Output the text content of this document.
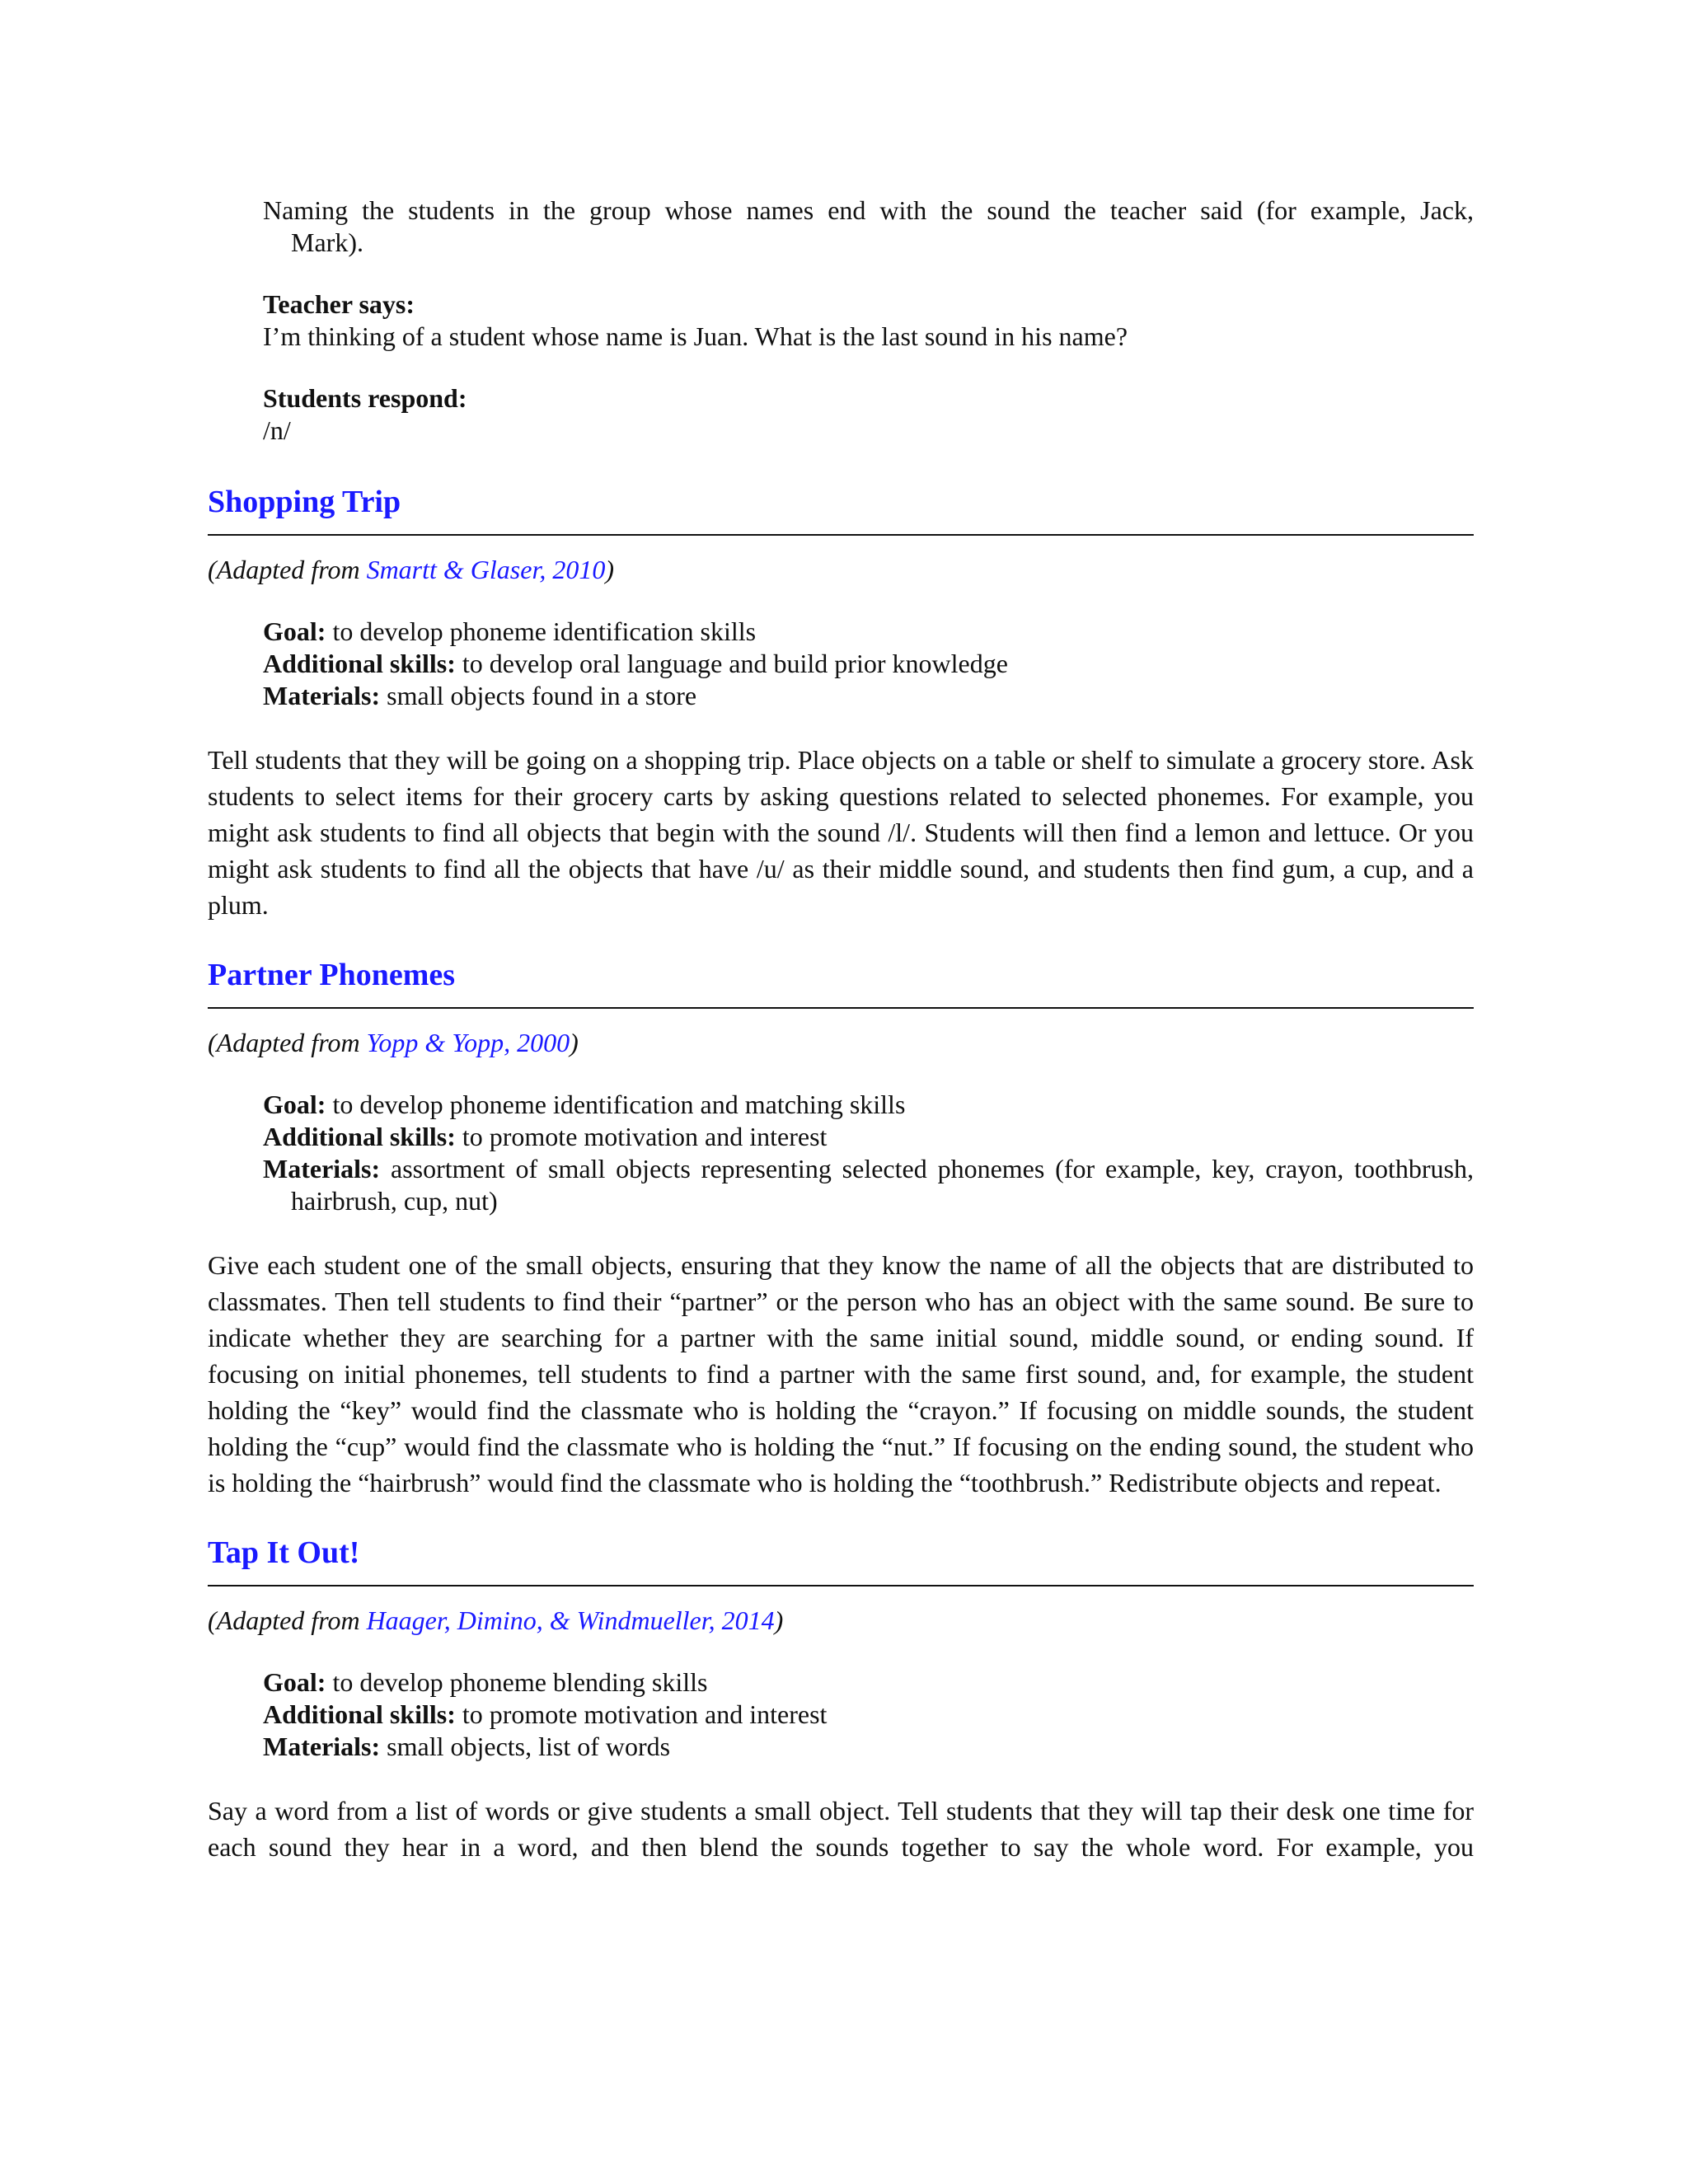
Naming the students in the group whose names end with the sound the teacher said (for example, Jack,

Mark).

Teacher says:

I’m thinking of a student whose name is Juan. What is the last sound in his name?

Students respond:

/n/

Shopping Trip

(Adapted from Smartt & Glaser, 2010)

Goal: to develop phoneme identification skills

Additional skills: to develop oral language and build prior knowledge

Materials: small objects found in a store

Tell students that they will be going on a shopping trip. Place objects on a table or shelf to simulate a grocery store. Ask students to select items for their grocery carts by asking questions related to selected phonemes. For example, you might ask students to find all objects that begin with the sound /l/. Students will then find a lemon and lettuce. Or you might ask students to find all the objects that have /u/ as their middle sound, and students then find gum, a cup, and a plum.

Partner Phonemes

(Adapted from Yopp & Yopp, 2000)

Goal: to develop phoneme identification and matching skills

Additional skills: to promote motivation and interest

Materials: assortment of small objects representing selected phonemes (for example, key, crayon, toothbrush, hairbrush, cup, nut)

Give each student one of the small objects, ensuring that they know the name of all the objects that are distributed to classmates. Then tell students to find their “partner” or the person who has an object with the same sound. Be sure to indicate whether they are searching for a partner with the same initial sound, middle sound, or ending sound. If focusing on initial phonemes, tell students to find a partner with the same first sound, and, for example, the student holding the “key” would find the classmate who is holding the “crayon.” If focusing on middle sounds, the student holding the “cup” would find the classmate who is holding the “nut.” If focusing on the ending sound, the student who is holding the “hairbrush” would find the classmate who is holding the “toothbrush.” Redistribute objects and repeat.

Tap It Out!

(Adapted from Haager, Dimino, & Windmueller, 2014)

Goal: to develop phoneme blending skills

Additional skills: to promote motivation and interest

Materials: small objects, list of words

Say a word from a list of words or give students a small object. Tell students that they will tap their desk one time for each sound they hear in a word, and then blend the sounds together to say the whole word. For example, you
